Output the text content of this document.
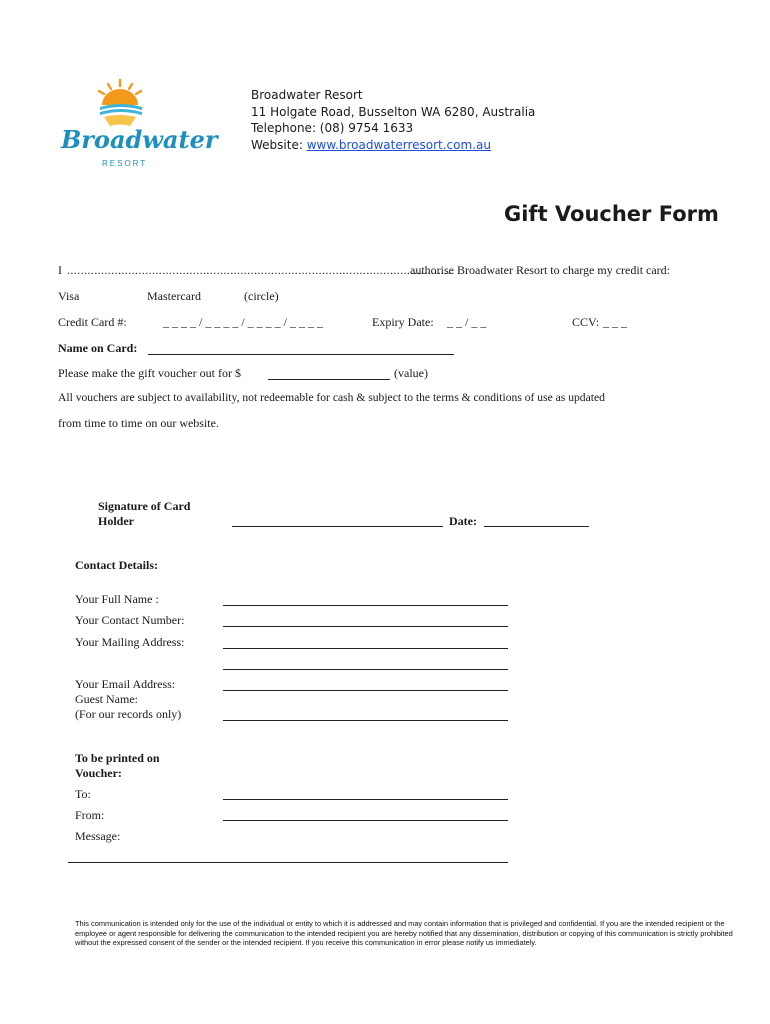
Broadwater
RESORT
Broadwater Resort
11 Holgate Road, Busselton WA 6280, Australia
Telephone: (08) 9754 1633
Website: www.broadwaterresort.com.au
Gift Voucher Form
I ..................................................................................................................
authorise Broadwater Resort to charge my credit card:
Visa	Mastercard	(circle)
Credit Card #:	_ _ _ _ / _ _ _ _ / _ _ _ _ / _ _ _ _	Expiry Date: _ _ / _ _	CCV: _ _ _
Name on Card:
Please make the gift voucher out for $	(value)
All vouchers are subject to availability, not redeemable for cash & subject to the terms & conditions of use as updated
from time to time on our website.
Signature of Card
Holder	Date:
Contact Details:
Your Full Name :
Your Contact Number:
Your Mailing Address:
Your Email Address:
Guest Name:
(For our records only)
To be printed on
Voucher:
To:
From:
Message:
This communication is intended only for the use of the individual or entity to which it is addressed and may contain information that is privileged and confidential. If you are the intended recipient or the employee or agent responsible for delivering the communication to the intended recipient you are hereby notified that any dissemination, distribution or copying of this communication is strictly prohibited without the expressed consent of the sender or the intended recipient. If you receive this communication in error please notify us immediately.
